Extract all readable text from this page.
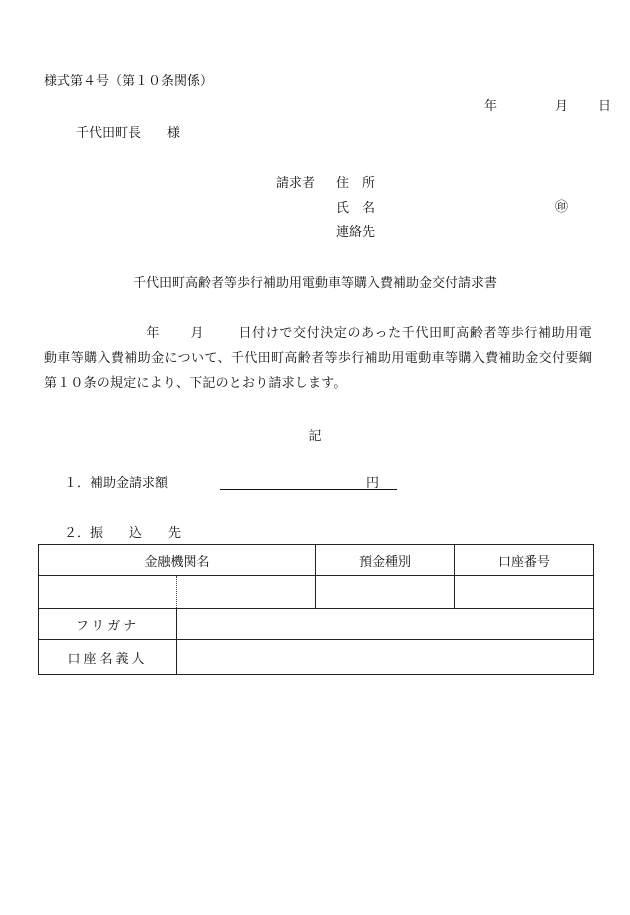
様式第４号（第１０条関係）
年	月 日
千代田町長　　様
請求者 住　所
氏　名	㊞
連絡先
千代田町高齢者等歩行補助用電動車等購入費補助金交付請求書
年 月	日付けで交付決定のあった千代田町高齢者等歩行補助用電動車等購入費補助金について、千代田町高齢者等歩行補助用電動車等購入費補助金交付要綱第１０条の規定により、下記のとおり請求します。
記
１．補助金請求額	円
２．振　　込　　先
金融機関名		預金種別	口座番号

フリガナ			
口座名義人			
